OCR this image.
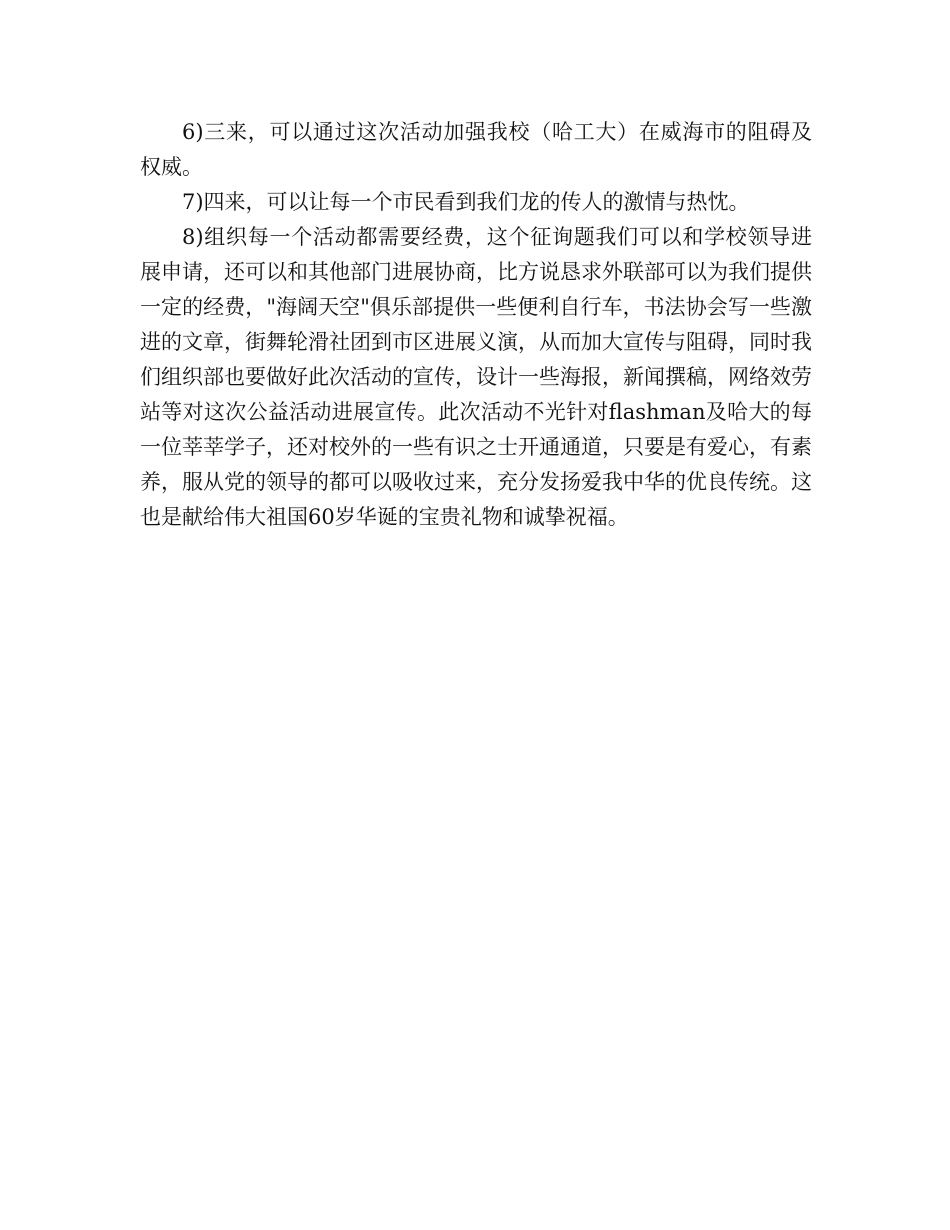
6)三来，可以通过这次活动加强我校（哈工大）在威海市的阻碍及权威。

7)四来，可以让每一个市民看到我们龙的传人的激情与热忱。

8)组织每一个活动都需要经费，这个征询题我们可以和学校领导进展申请，还可以和其他部门进展协商，比方说恳求外联部可以为我们提供一定的经费，"海阔天空"俱乐部提供一些便利自行车，书法协会写一些激进的文章，街舞轮滑社团到市区进展义演，从而加大宣传与阻碍，同时我们组织部也要做好此次活动的宣传，设计一些海报，新闻撰稿，网络效劳站等对这次公益活动进展宣传。此次活动不光针对flashman及哈大的每一位莘莘学子，还对校外的一些有识之士开通通道，只要是有爱心，有素养，服从党的领导的都可以吸收过来，充分发扬爱我中华的优良传统。这也是献给伟大祖国60岁华诞的宝贵礼物和诚挚祝福。
